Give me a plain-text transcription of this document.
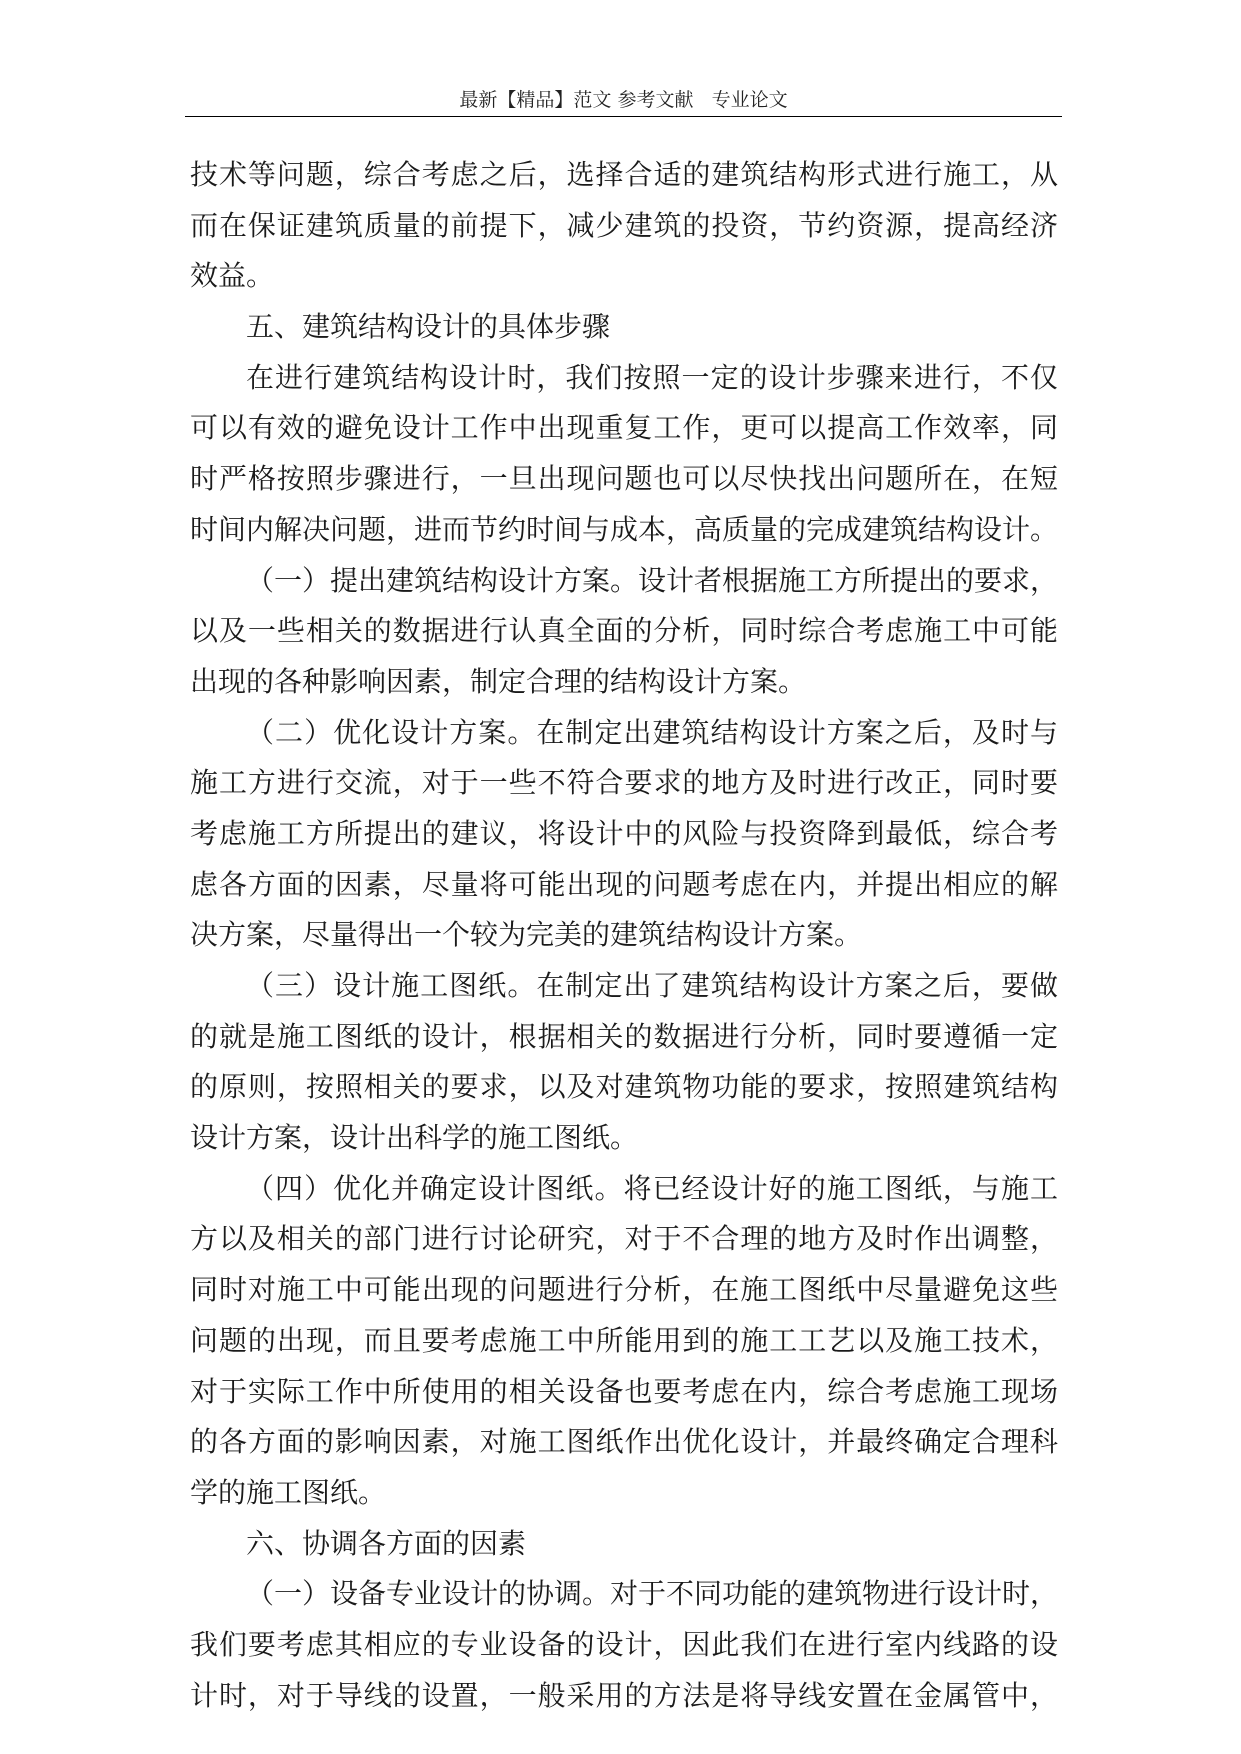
最新【精品】范文 参考文献   专业论文
技术等问题，综合考虑之后，选择合适的建筑结构形式进行施工，从
而在保证建筑质量的前提下，减少建筑的投资，节约资源，提高经济
效益。
五、建筑结构设计的具体步骤
在进行建筑结构设计时，我们按照一定的设计步骤来进行，不仅
可以有效的避免设计工作中出现重复工作，更可以提高工作效率，同
时严格按照步骤进行，一旦出现问题也可以尽快找出问题所在，在短
时间内解决问题，进而节约时间与成本，高质量的完成建筑结构设计。
（一）提出建筑结构设计方案。设计者根据施工方所提出的要求，
以及一些相关的数据进行认真全面的分析，同时综合考虑施工中可能
出现的各种影响因素，制定合理的结构设计方案。
（二）优化设计方案。在制定出建筑结构设计方案之后，及时与
施工方进行交流，对于一些不符合要求的地方及时进行改正，同时要
考虑施工方所提出的建议，将设计中的风险与投资降到最低，综合考
虑各方面的因素，尽量将可能出现的问题考虑在内，并提出相应的解
决方案，尽量得出一个较为完美的建筑结构设计方案。
（三）设计施工图纸。在制定出了建筑结构设计方案之后，要做
的就是施工图纸的设计，根据相关的数据进行分析，同时要遵循一定
的原则，按照相关的要求，以及对建筑物功能的要求，按照建筑结构
设计方案，设计出科学的施工图纸。
（四）优化并确定设计图纸。将已经设计好的施工图纸，与施工
方以及相关的部门进行讨论研究，对于不合理的地方及时作出调整，
同时对施工中可能出现的问题进行分析，在施工图纸中尽量避免这些
问题的出现，而且要考虑施工中所能用到的施工工艺以及施工技术，
对于实际工作中所使用的相关设备也要考虑在内，综合考虑施工现场
的各方面的影响因素，对施工图纸作出优化设计，并最终确定合理科
学的施工图纸。
六、协调各方面的因素
（一）设备专业设计的协调。对于不同功能的建筑物进行设计时，
我们要考虑其相应的专业设备的设计，因此我们在进行室内线路的设
计时，对于导线的设置，一般采用的方法是将导线安置在金属管中，
